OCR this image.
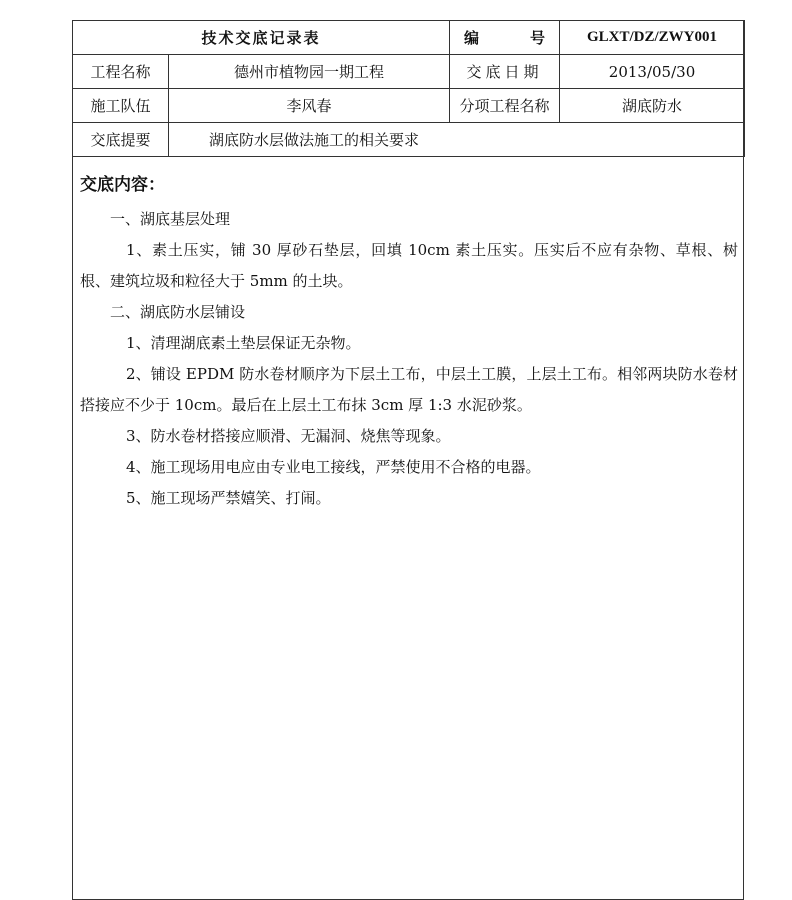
技术交底记录表		编 号	GLXT/DZ/ZWY001
工程名称	德州市植物园一期工程	交底日期	2013/05/30
施工队伍	李风春	分项工程名称	湖底防水
交底提要	湖底防水层做法施工的相关要求		
交底内容：

一、湖底基层处理

1、素土压实，铺 30 厚砂石垫层，回填 10cm 素土压实。压实后不应有杂物、草根、树根、建筑垃圾和粒径大于 5mm 的土块。

二、湖底防水层铺设

1、清理湖底素土垫层保证无杂物。

2、铺设 EPDM 防水卷材顺序为下层土工布，中层土工膜，上层土工布。相邻两块防水卷材搭接应不少于 10cm。最后在上层土工布抹 3cm 厚 1:3 水泥砂浆。

3、防水卷材搭接应顺滑、无漏洞、烧焦等现象。

4、施工现场用电应由专业电工接线，严禁使用不合格的电器。

5、施工现场严禁嬉笑、打闹。
